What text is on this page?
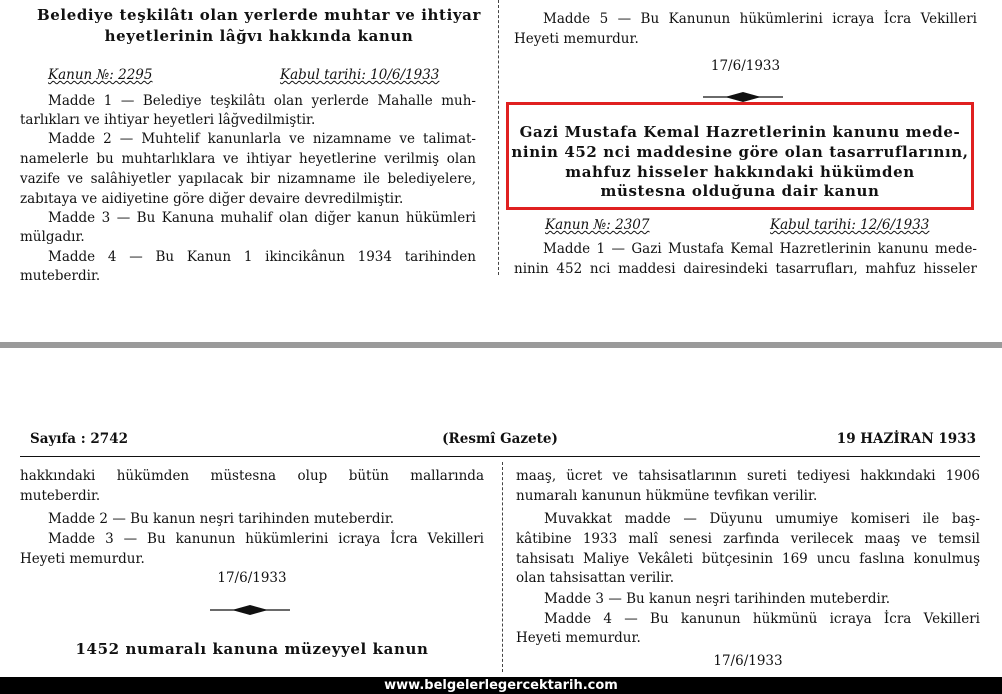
Belediye teşkilâtı olan yerlerde muhtar ve ihtiyar
heyetlerinin lâğvı hakkında kanun
Kanun №: 2295	Kabul tarihi: 10/6/1933
Madde 1 — Belediye teşkilâtı olan yerlerde Mahalle muh-
tarlıkları ve ihtiyar heyetleri lâğvedilmiştir.
Madde 2 — Muhtelif kanunlarla ve nizamname ve talimat-
namelerle bu muhtarlıklara ve ihtiyar heyetlerine verilmiş olan
vazife ve salâhiyetler yapılacak bir nizamname ile belediyelere,
zabıtaya ve aidiyetine göre diğer devaire devredilmiştir.
Madde 3 — Bu Kanuna muhalif olan diğer kanun hükümleri
mülgadır.
Madde 4 — Bu Kanun 1 ikincikânun 1934 tarihinden
muteberdir.
Madde 5 — Bu Kanunun hükümlerini icraya İcra Vekilleri
Heyeti memurdur.
17/6/1933
Gazi Mustafa Kemal Hazretlerinin kanunu mede-
ninin 452 nci maddesine göre olan tasarruflarının,
mahfuz hisseler hakkındaki hükümden
müstesna olduğuna dair kanun
Kanun №: 2307	Kabul tarihi: 12/6/1933
Madde 1 — Gazi Mustafa Kemal Hazretlerinin kanunu mede-
ninin 452 nci maddesi dairesindeki tasarrufları, mahfuz hisseler
Sayıfa : 2742	(Resmî Gazete)	19 HAZİRAN 1933
hakkındaki hükümden müstesna olup bütün mallarında
muteberdir.
Madde 2 — Bu kanun neşri tarihinden muteberdir.
Madde 3 — Bu kanunun hükümlerini icraya İcra Vekilleri
Heyeti memurdur.
17/6/1933
1452 numaralı kanuna müzeyyel kanun
maaş, ücret ve tahsisatlarının sureti tediyesi hakkındaki 1906
numaralı kanunun hükmüne tevfikan verilir.
Muvakkat madde — Düyunu umumiye komiseri ile baş-
kâtibine 1933 malî senesi zarfında verilecek maaş ve temsil
tahsisatı Maliye Vekâleti bütçesinin 169 uncu faslına konulmuş
olan tahsisattan verilir.
Madde 3 — Bu kanun neşri tarihinden muteberdir.
Madde 4 — Bu kanunun hükmünü icraya İcra Vekilleri
Heyeti memurdur.
17/6/1933
www.belgelerlegercektarih.com
